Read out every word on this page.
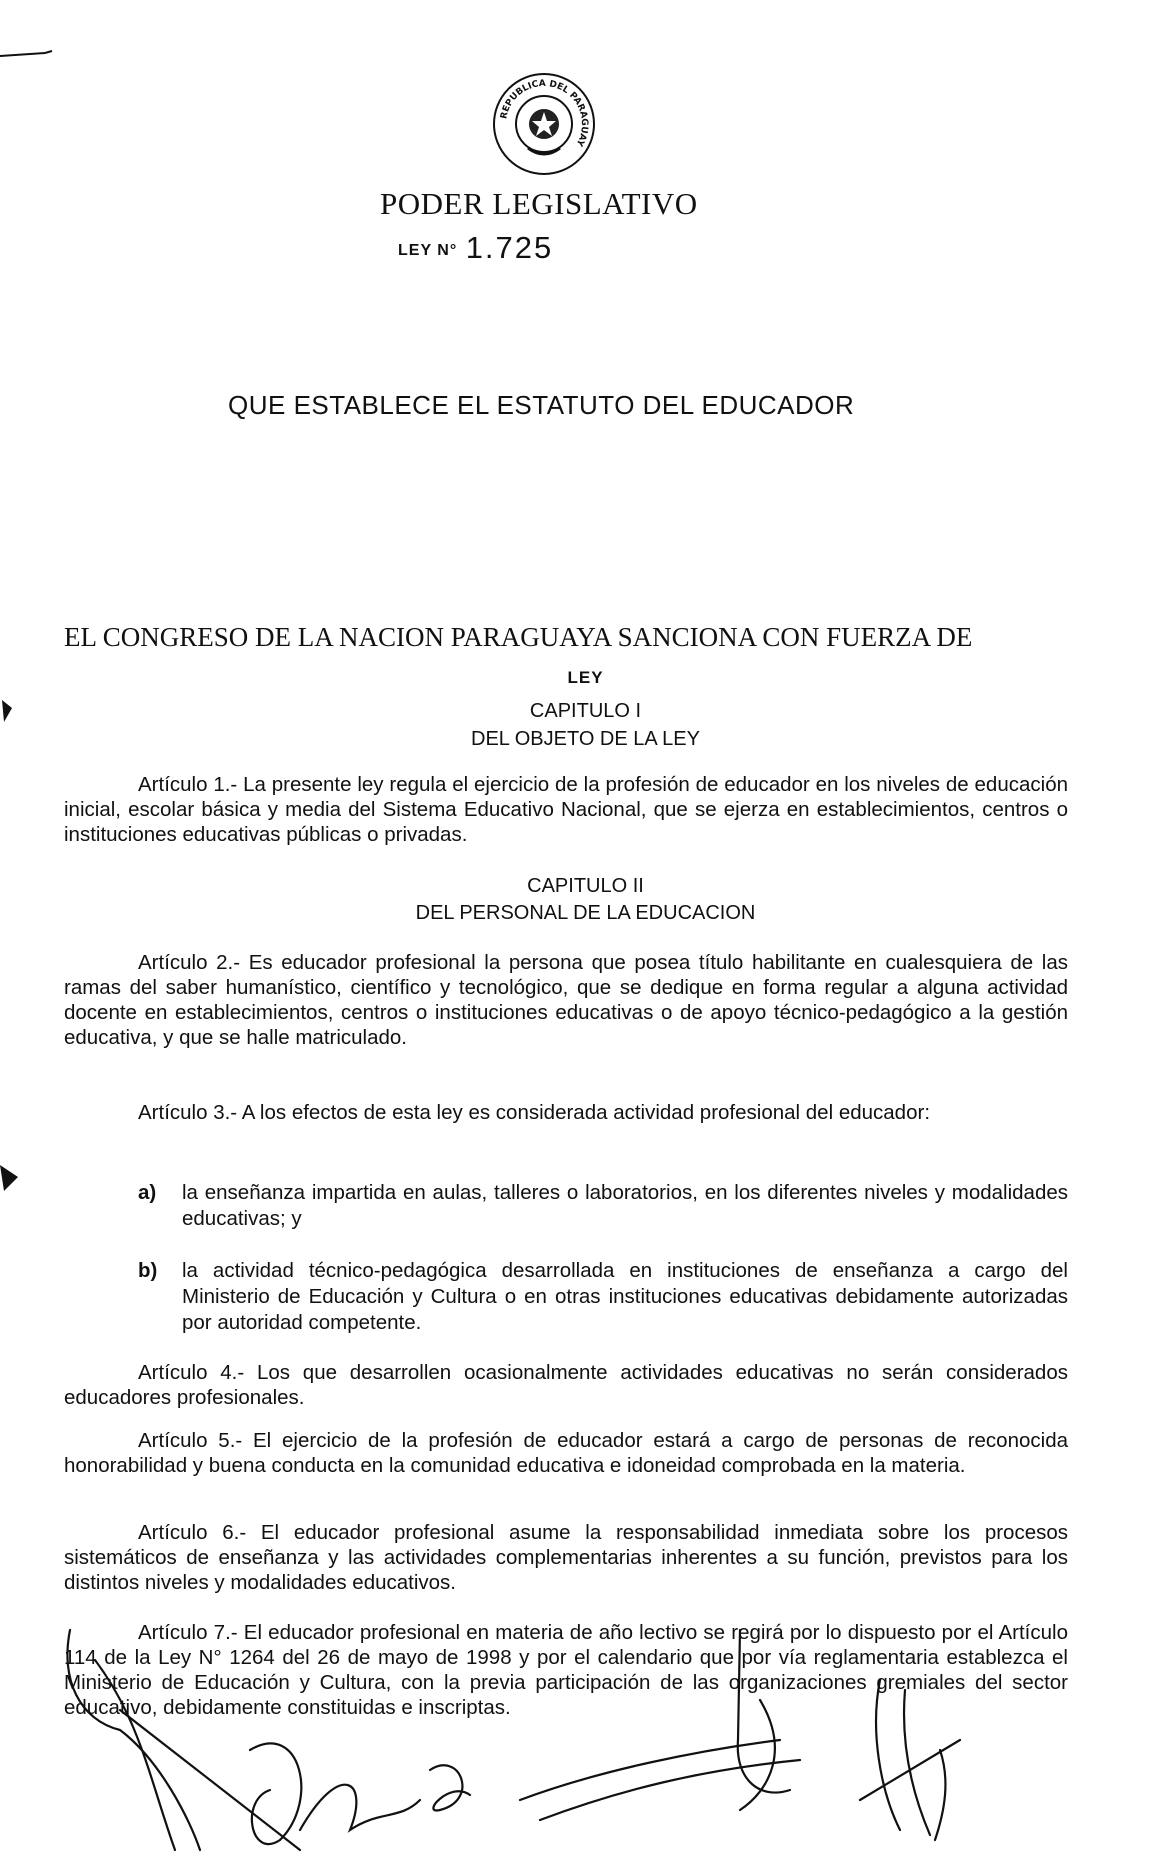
REPUBLICA DEL PARAGUAY
PODER LEGISLATIVO
LEY N° 1.725
QUE ESTABLECE EL ESTATUTO DEL EDUCADOR
EL CONGRESO DE LA NACION PARAGUAYA SANCIONA CON FUERZA DE
LEY
CAPITULO I
DEL OBJETO DE LA LEY
Artículo 1.- La presente ley regula el ejercicio de la profesión de educador en los niveles de educación inicial, escolar básica y media del Sistema Educativo Nacional, que se ejerza en establecimientos, centros o instituciones educativas públicas o privadas.
CAPITULO II
DEL PERSONAL DE LA EDUCACION
Artículo 2.- Es educador profesional la persona que posea título habilitante en cualesquiera de las ramas del saber humanístico, científico y tecnológico, que se dedique en forma regular a alguna actividad docente en establecimientos, centros o instituciones educativas o de apoyo técnico-pedagógico a la gestión educativa, y que se halle matriculado.
Artículo 3.- A los efectos de esta ley es considerada actividad profesional del educador:
a) la enseñanza impartida en aulas, talleres o laboratorios, en los diferentes niveles y modalidades educativas; y
b) la actividad técnico-pedagógica desarrollada en instituciones de enseñanza a cargo del Ministerio de Educación y Cultura o en otras instituciones educativas debidamente autorizadas por autoridad competente.
Artículo 4.- Los que desarrollen ocasionalmente actividades educativas no serán considerados educadores profesionales.
Artículo 5.- El ejercicio de la profesión de educador estará a cargo de personas de reconocida honorabilidad y buena conducta en la comunidad educativa e idoneidad comprobada en la materia.
Artículo 6.- El educador profesional asume la responsabilidad inmediata sobre los procesos sistemáticos de enseñanza y las actividades complementarias inherentes a su función, previstos para los distintos niveles y modalidades educativos.
Artículo 7.- El educador profesional en materia de año lectivo se regirá por lo dispuesto por el Artículo 114 de la Ley N° 1264 del 26 de mayo de 1998 y por el calendario que por vía reglamentaria establezca el Ministerio de Educación y Cultura, con la previa participación de las organizaciones gremiales del sector educativo, debidamente constituidas e inscriptas.
